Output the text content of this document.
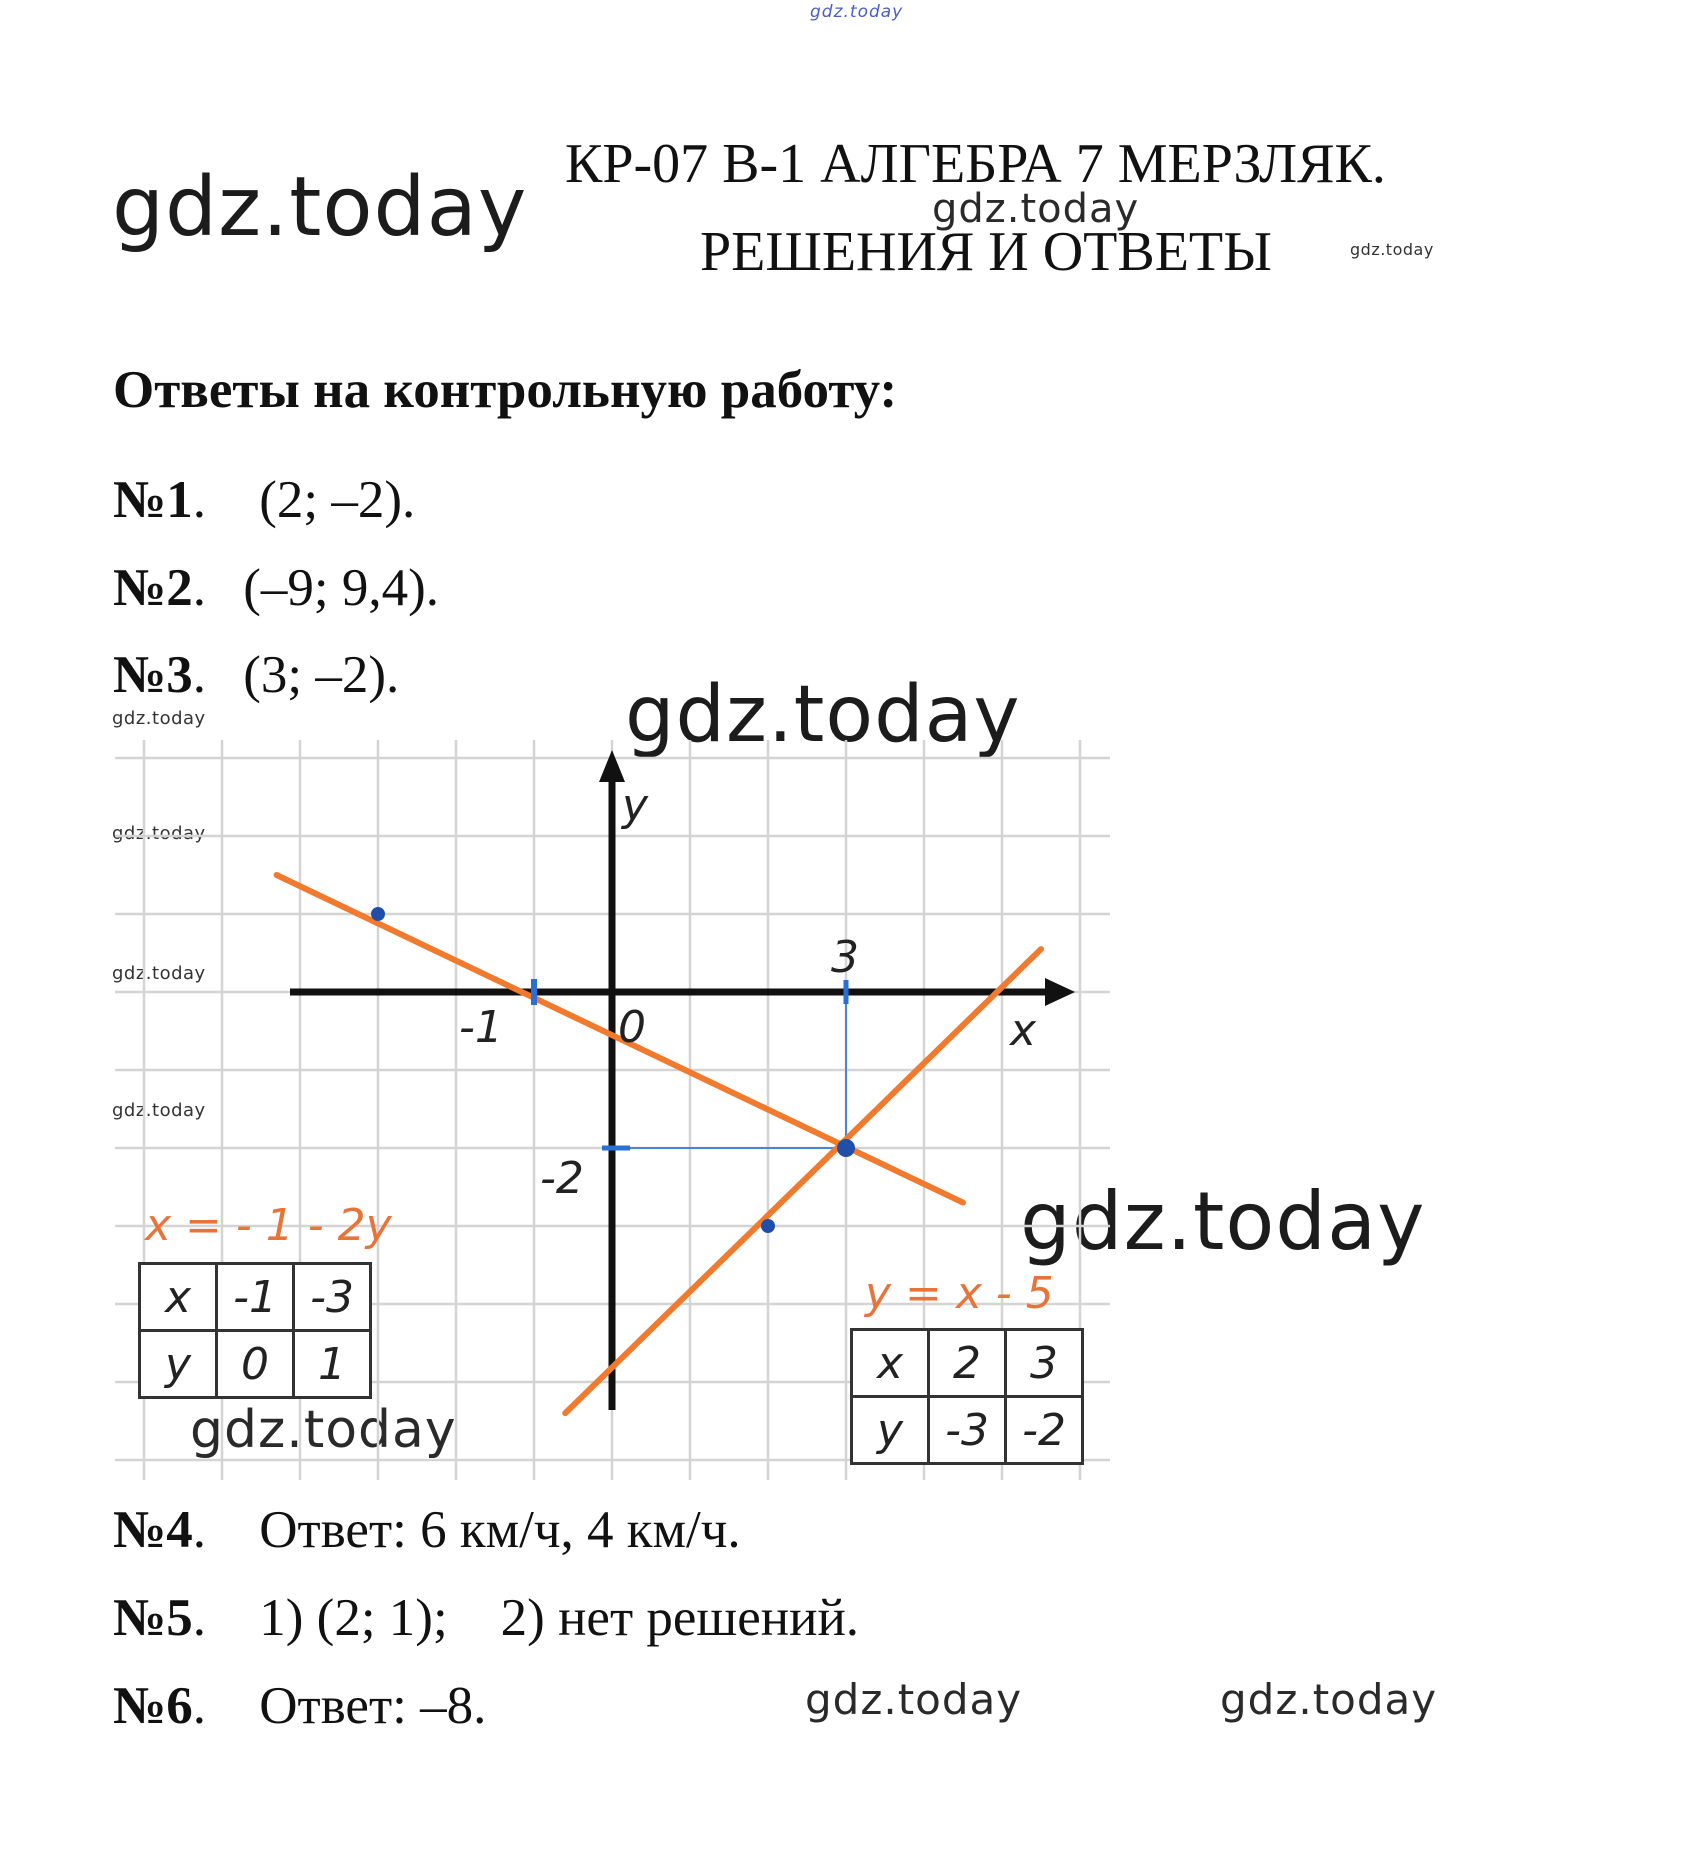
gdz.today
gdz.today	gdz.today
gdz.today
gdz.today	gdz.today
gdz.today
gdz.today
gdz.today
gdz.today
gdz.today
gdz.today	gdz.today
КР-07 В-1 АЛГЕБРА 7 МЕРЗЛЯК.
РЕШЕНИЯ И ОТВЕТЫ
Ответы на контрольную работу:
№1. (2; –2).
№2. (–9; 9,4).
№3. (3; –2).
y
x
-1
3
-2
0
x = - 1 - 2y
x	-1	-3
y	0	1
y = x - 5
x	2	3
y	-3	-2
№4. Ответ: 6 км/ч, 4 км/ч.
№5. 1) (2; 1);    2) нет решений.
№6. Ответ: –8.
